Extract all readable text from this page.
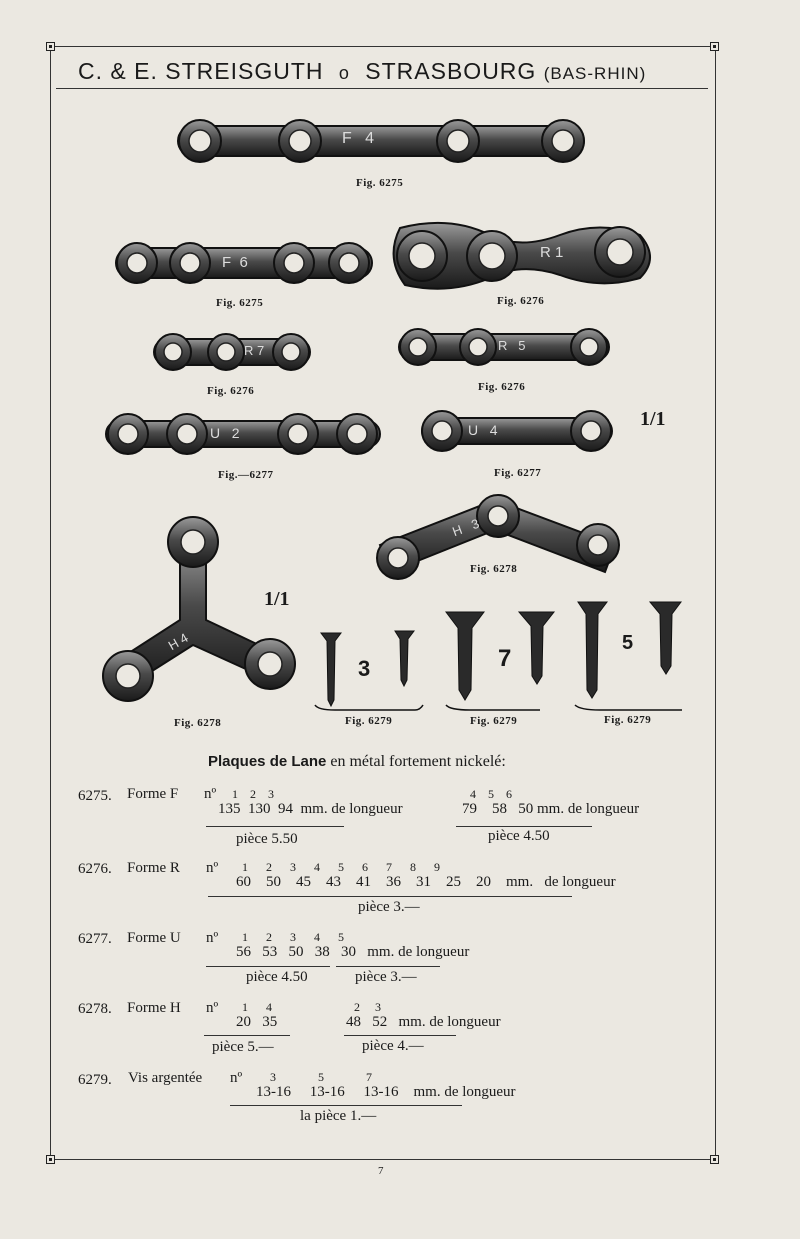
C. & E. STREISGUTH o STRASBOURG (BAS-RHIN)
F   4
F  6
R 1
R 7	R   5
U   2	U   4
H   3
H 4
1/1
1/1
3	7
5
Fig. 6275
Fig. 6275	Fig. 6276
Fig. 6276	Fig. 6276
Fig.—6277	Fig. 6277
Fig. 6278
Fig. 6278	Fig. 6279	Fig. 6279	Fig. 6279
Plaques de Lane en métal fortement nickelé:
6275. Forme F nº 1    2    3
135  130  94  mm. de longueur
4    5    6
79    58   50 mm. de longueur
pièce 5.50	pièce 4.50
6276. Forme R nº 1      2      3      4      5      6      7      8      9
60    50    45    43    41    36    31    25    20    mm.   de longueur
pièce 3.—
6277. Forme U nº 1      2      3      4      5
56   53   50   38   30   mm. de longueur
pièce 4.50	pièce 3.—
6278. Forme H nº 1      4
20   35
2     3
48   52   mm. de longueur
pièce 5.—	pièce 4.—
6279. Vis argentée nº 3              5              7
13-16     13-16     13-16    mm. de longueur
la pièce 1.—
7
